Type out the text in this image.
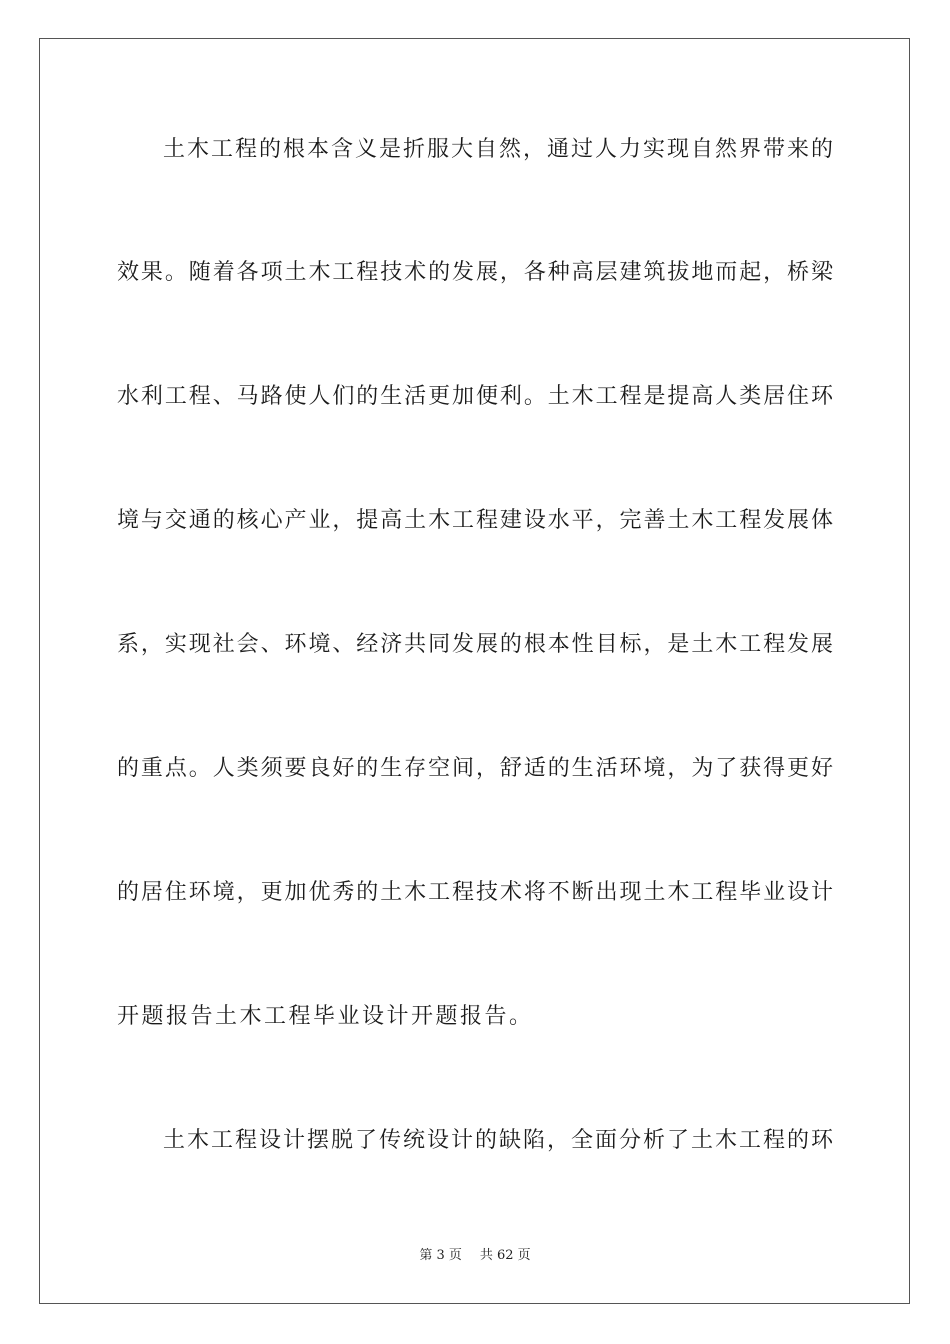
土木工程的根本含义是折服大自然，通过人力实现自然界带来的
效果。随着各项土木工程技术的发展，各种高层建筑拔地而起，桥梁
水利工程、马路使人们的生活更加便利。土木工程是提高人类居住环
境与交通的核心产业，提高土木工程建设水平，完善土木工程发展体
系，实现社会、环境、经济共同发展的根本性目标，是土木工程发展
的重点。人类须要良好的生存空间，舒适的生活环境，为了获得更好
的居住环境，更加优秀的土木工程技术将不断出现土木工程毕业设计
开题报告土木工程毕业设计开题报告。
土木工程设计摆脱了传统设计的缺陷，全面分析了土木工程的环
第 3 页 共 62 页
